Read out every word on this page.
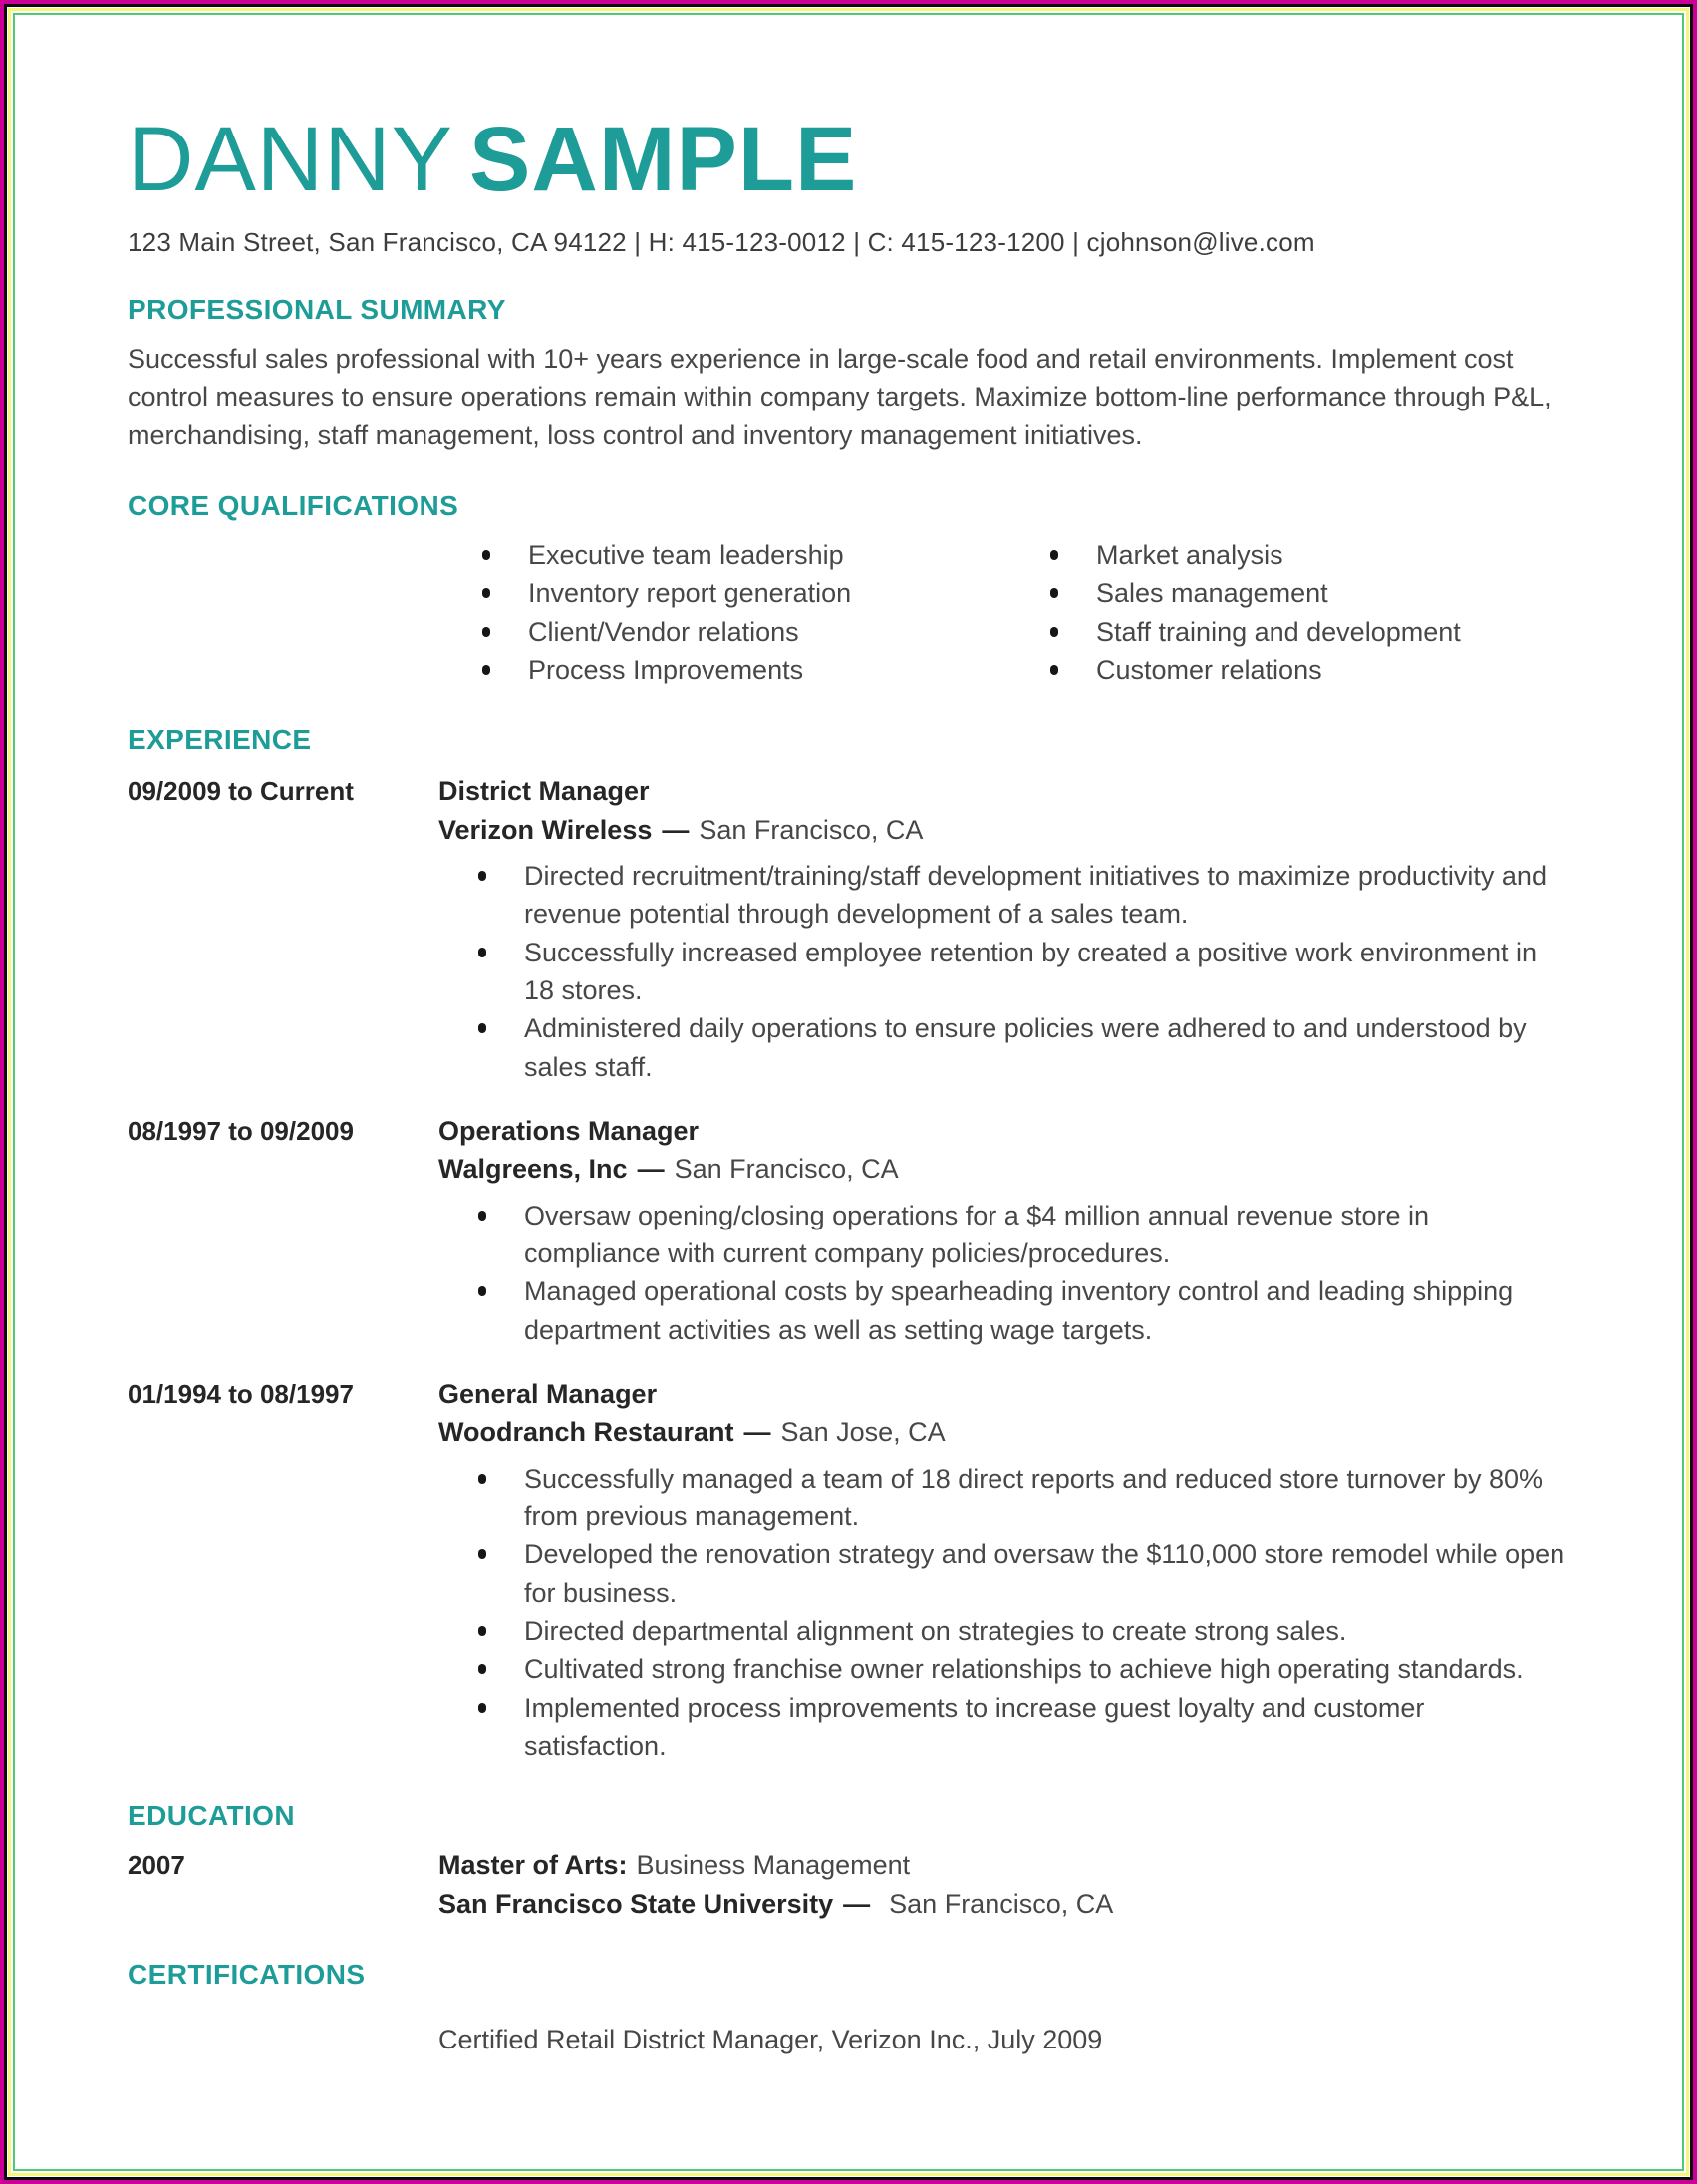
DANNY SAMPLE
123 Main Street, San Francisco, CA 94122 | H: 415-123-0012 | C: 415-123-1200 | cjohnson@live.com
PROFESSIONAL SUMMARY

Successful sales professional with 10+ years experience in large-scale food and retail environments. Implement cost control measures to ensure operations remain within company targets. Maximize bottom-line performance through P&L, merchandising, staff management, loss control and inventory management initiatives.

CORE QUALIFICATIONS
Executive team leadership
Inventory report generation
Client/Vendor relations
Process Improvements
Market analysis
Sales management
Staff training and development
Customer relations
EXPERIENCE
09/2009 to Current	District Manager
Verizon Wireless — San Francisco, CA
Directed recruitment/training/staff development initiatives to maximize productivity and revenue potential through development of a sales team.
Successfully increased employee retention by created a positive work environment in 18 stores.
Administered daily operations to ensure policies were adhered to and understood by sales staff.
08/1997 to 09/2009	Operations Manager
Walgreens, Inc — San Francisco, CA
Oversaw opening/closing operations for a $4 million annual revenue store in compliance with current company policies/procedures.
Managed operational costs by spearheading inventory control and leading shipping department activities as well as setting wage targets.
01/1994 to 08/1997	General Manager
Woodranch Restaurant — San Jose, CA
Successfully managed a team of 18 direct reports and reduced store turnover by 80% from previous management.
Developed the renovation strategy and oversaw the $110,000 store remodel while open for business.
Directed departmental alignment on strategies to create strong sales.
Cultivated strong franchise owner relationships to achieve high operating standards.
Implemented process improvements to increase guest loyalty and customer satisfaction.
EDUCATION
2007	Master of Arts: Business Management
San Francisco State University — San Francisco, CA
CERTIFICATIONS
Certified Retail District Manager, Verizon Inc., July 2009
